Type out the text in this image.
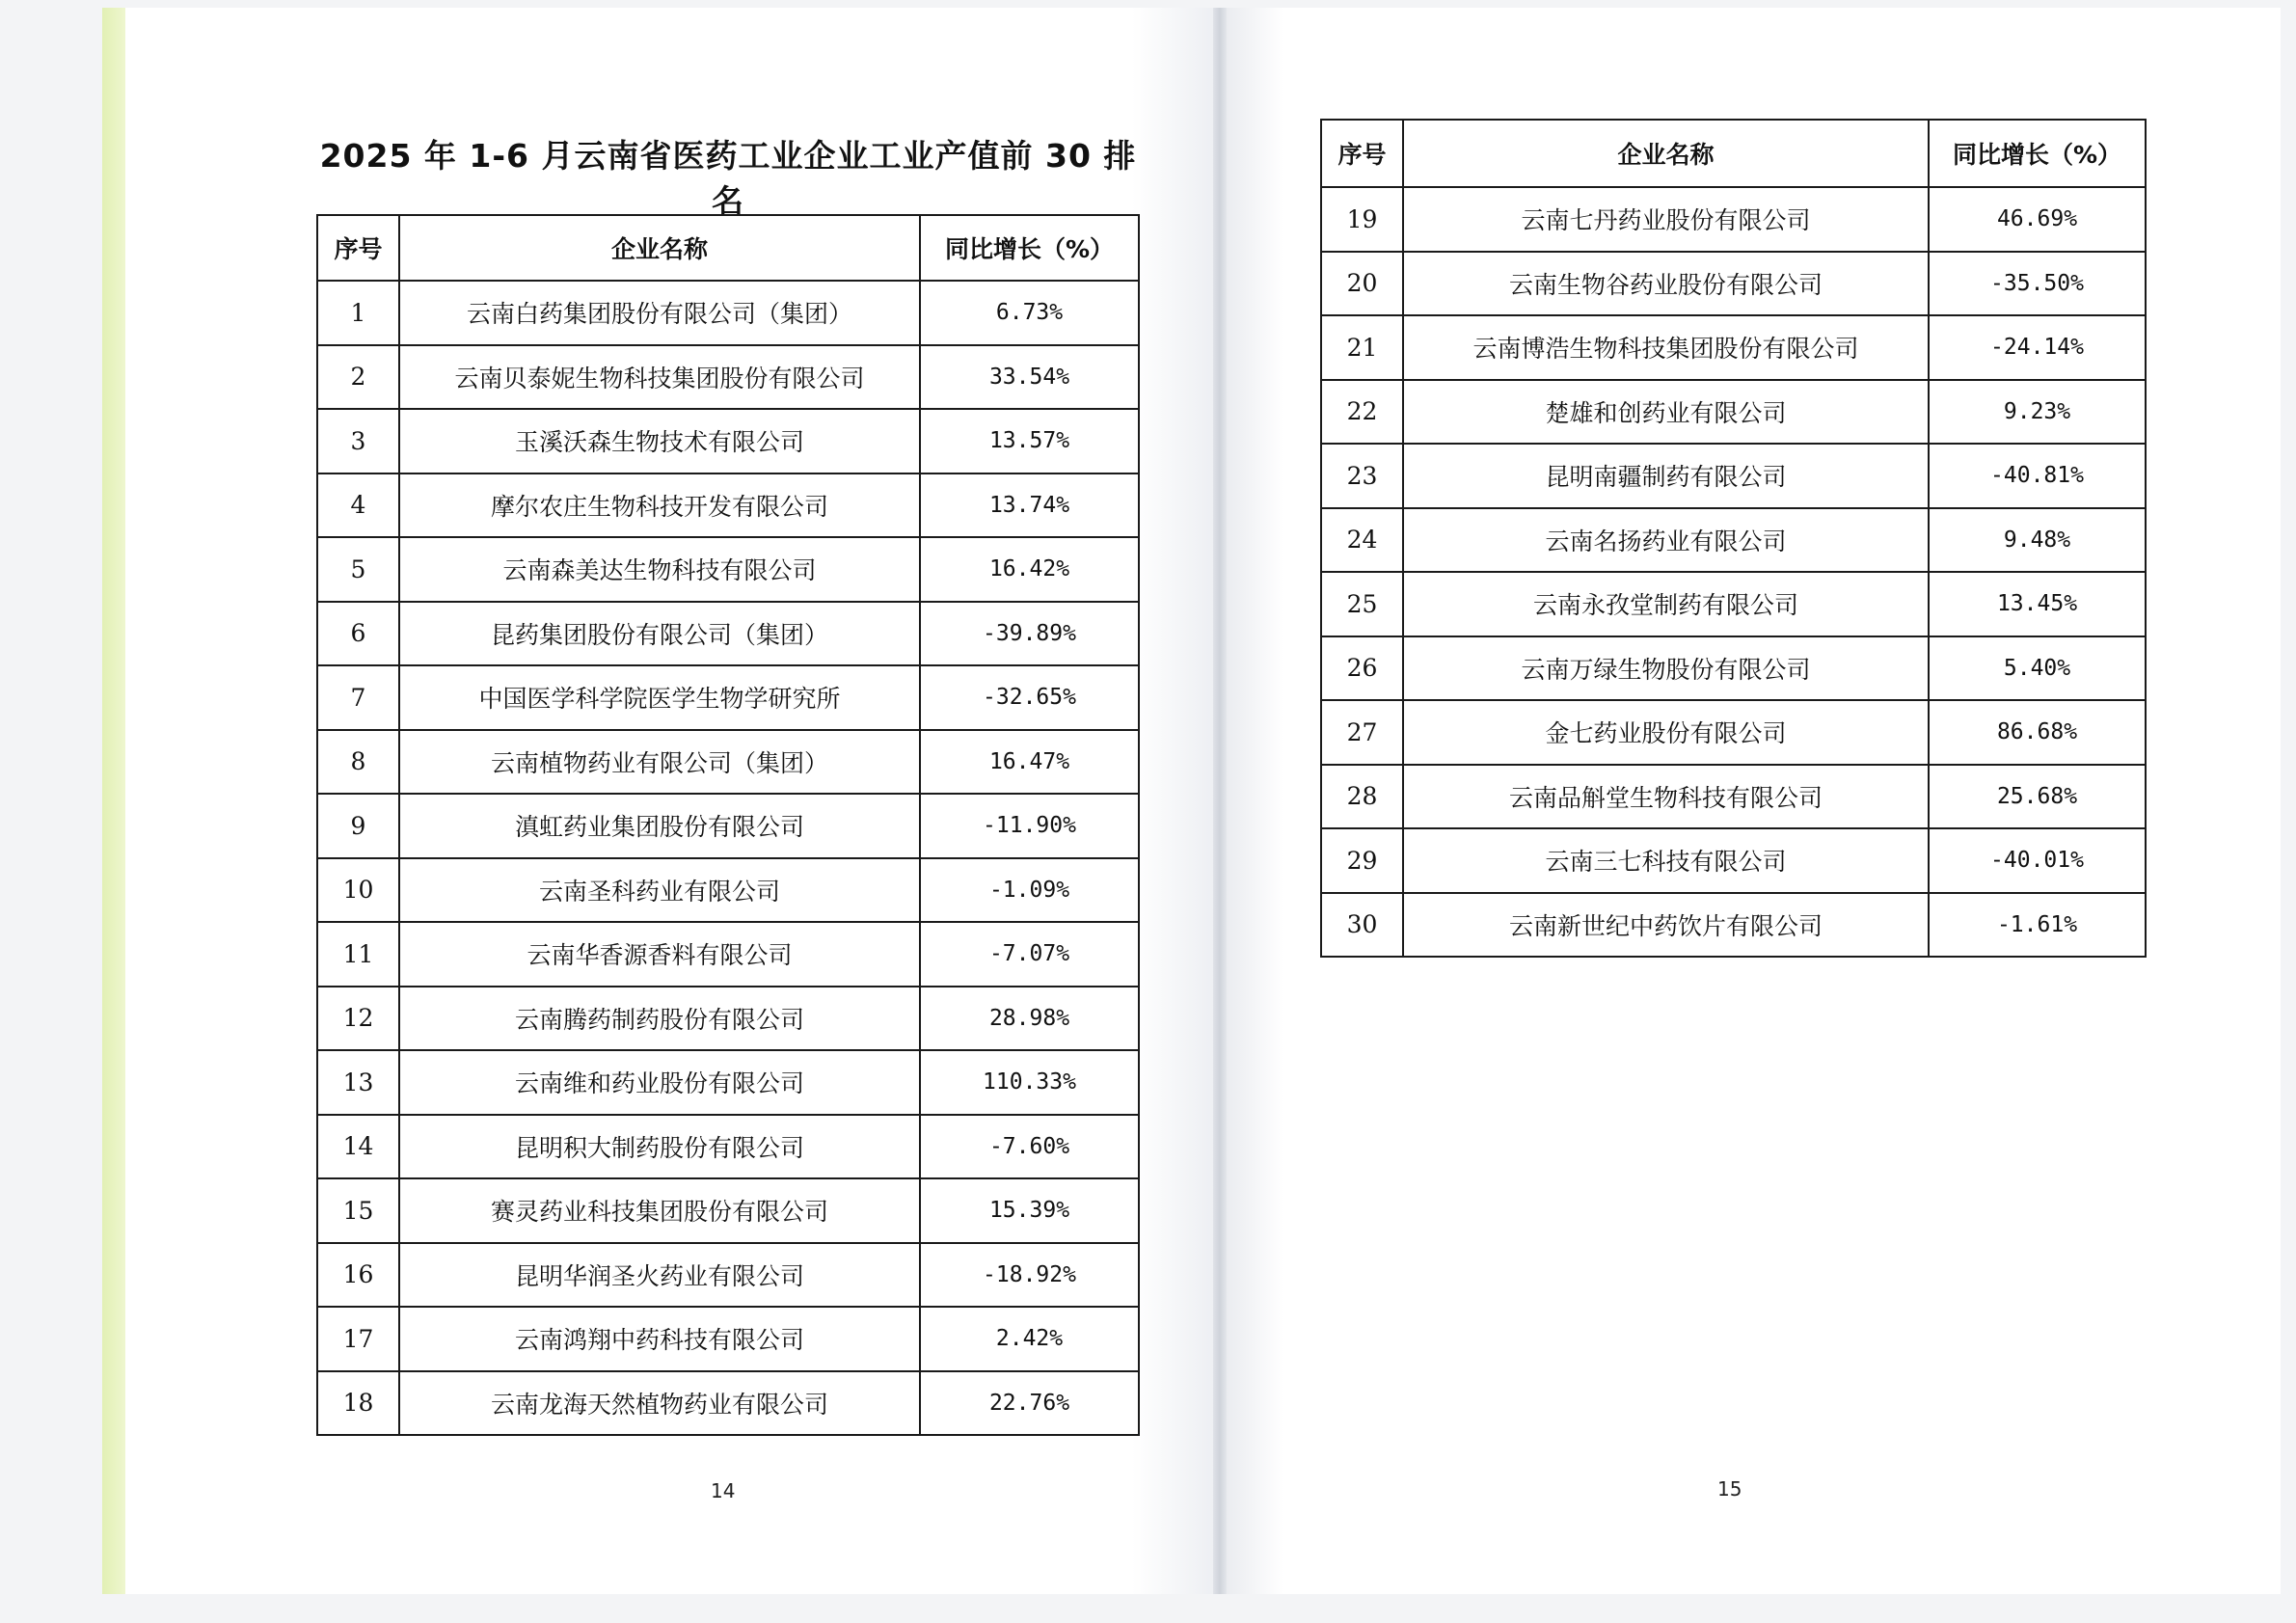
2025 年 1-6 月云南省医药工业企业工业产值前 30 排名
序号	企业名称	同比增长（%）
1	云南白药集团股份有限公司（集团）	6.73%
2	云南贝泰妮生物科技集团股份有限公司	33.54%
3	玉溪沃森生物技术有限公司	13.57%
4	摩尔农庄生物科技开发有限公司	13.74%
5	云南森美达生物科技有限公司	16.42%
6	昆药集团股份有限公司（集团）	-39.89%
7	中国医学科学院医学生物学研究所	-32.65%
8	云南植物药业有限公司（集团）	16.47%
9	滇虹药业集团股份有限公司	-11.90%
10	云南圣科药业有限公司	-1.09%
11	云南华香源香料有限公司	-7.07%
12	云南腾药制药股份有限公司	28.98%
13	云南维和药业股份有限公司	110.33%
14	昆明积大制药股份有限公司	-7.60%
15	赛灵药业科技集团股份有限公司	15.39%
16	昆明华润圣火药业有限公司	-18.92%
17	云南鸿翔中药科技有限公司	2.42%
18	云南龙海天然植物药业有限公司	22.76%
序号	企业名称	同比增长（%）
19	云南七丹药业股份有限公司	46.69%
20	云南生物谷药业股份有限公司	-35.50%
21	云南博浩生物科技集团股份有限公司	-24.14%
22	楚雄和创药业有限公司	9.23%
23	昆明南疆制药有限公司	-40.81%
24	云南名扬药业有限公司	9.48%
25	云南永孜堂制药有限公司	13.45%
26	云南万绿生物股份有限公司	5.40%
27	金七药业股份有限公司	86.68%
28	云南品斛堂生物科技有限公司	25.68%
29	云南三七科技有限公司	-40.01%
30	云南新世纪中药饮片有限公司	-1.61%
14	15
